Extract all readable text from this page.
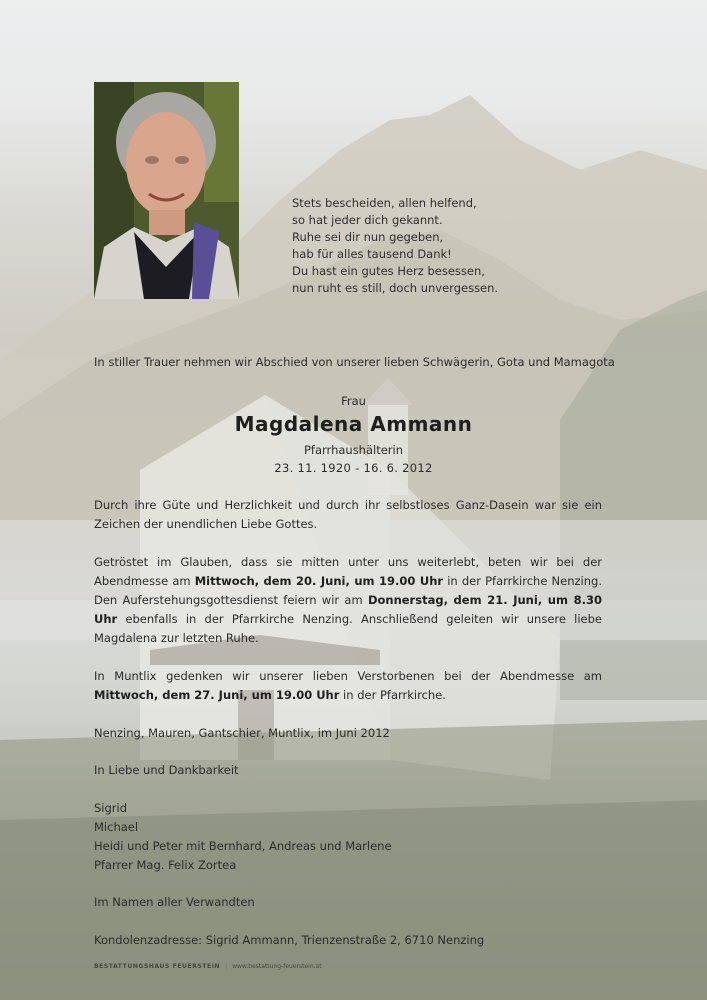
Stets bescheiden, allen helfend,
so hat jeder dich gekannt.
Ruhe sei dir nun gegeben,
hab für alles tausend Dank!
Du hast ein gutes Herz besessen,
nun ruht es still, doch unvergessen.
In stiller Trauer nehmen wir Abschied von unserer lieben Schwägerin, Gota und Mamagota
Frau
Magdalena Ammann
Pfarrhaushälterin
23. 11. 1920 - 16. 6. 2012
Durch ihre Güte und Herzlichkeit und durch ihr selbstloses Ganz-Dasein war sie ein Zeichen der unendlichen Liebe Gottes.
Getröstet im Glauben, dass sie mitten unter uns weiterlebt, beten wir bei der Abendmesse am Mittwoch, dem 20. Juni, um 19.00 Uhr in der Pfarrkirche Nenzing. Den Auferstehungsgottesdienst feiern wir am Donnerstag, dem 21. Juni, um 8.30 Uhr ebenfalls in der Pfarrkirche Nenzing. Anschließend geleiten wir unsere liebe Magdalena zur letzten Ruhe.
In Muntlix gedenken wir unserer lieben Verstorbenen bei der Abendmesse am Mittwoch, dem 27. Juni, um 19.00 Uhr in der Pfarrkirche.
Nenzing, Mauren, Gantschier, Muntlix, im Juni 2012
In Liebe und Dankbarkeit
Sigrid
Michael
Heidi und Peter mit Bernhard, Andreas und Marlene
Pfarrer Mag. Felix Zortea
Im Namen aller Verwandten
Kondolenzadresse: Sigrid Ammann, Trienzenstraße 2, 6710 Nenzing
BESTATTUNGSHAUS FEUERSTEIN | www.bestattung-feuerstein.at
